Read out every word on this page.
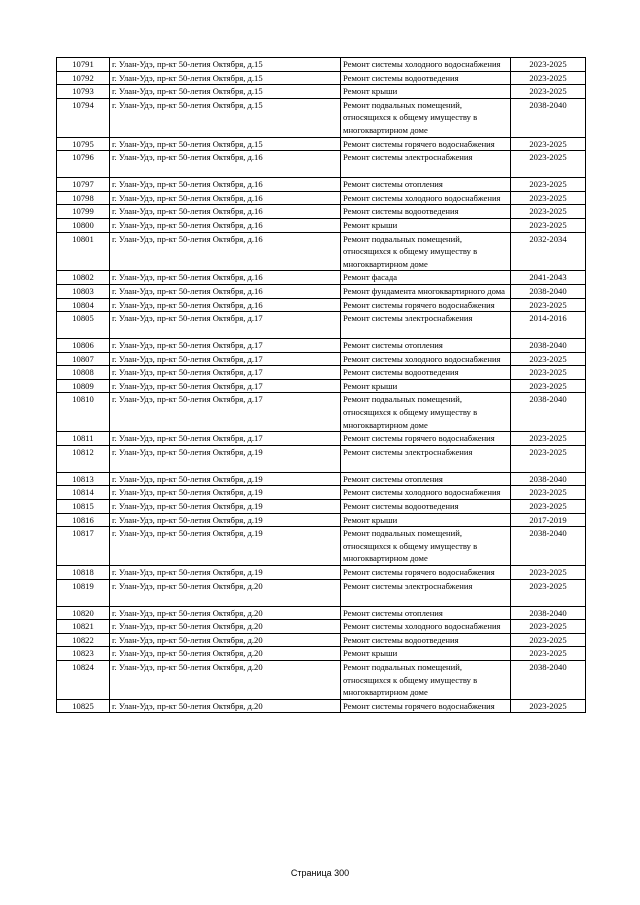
10791	г. Улан-Удэ, пр-кт 50-летия Октября, д.15	Ремонт системы холодного водоснабжения	2023-2025
10792	г. Улан-Удэ, пр-кт 50-летия Октября, д.15	Ремонт системы водоотведения	2023-2025
10793	г. Улан-Удэ, пр-кт 50-летия Октября, д.15	Ремонт крыши	2023-2025
10794	г. Улан-Удэ, пр-кт 50-летия Октября, д.15	Ремонт подвальных помещений, относящихся к общему имуществу в многоквартирном доме	2038-2040
10795	г. Улан-Удэ, пр-кт 50-летия Октября, д.15	Ремонт системы горячего водоснабжения	2023-2025
10796	г. Улан-Удэ, пр-кт 50-летия Октября, д.16	Ремонт системы электроснабжения	2023-2025
10797	г. Улан-Удэ, пр-кт 50-летия Октября, д.16	Ремонт системы отопления	2023-2025
10798	г. Улан-Удэ, пр-кт 50-летия Октября, д.16	Ремонт системы холодного водоснабжения	2023-2025
10799	г. Улан-Удэ, пр-кт 50-летия Октября, д.16	Ремонт системы водоотведения	2023-2025
10800	г. Улан-Удэ, пр-кт 50-летия Октября, д.16	Ремонт крыши	2023-2025
10801	г. Улан-Удэ, пр-кт 50-летия Октября, д.16	Ремонт подвальных помещений, относящихся к общему имуществу в многоквартирном доме	2032-2034
10802	г. Улан-Удэ, пр-кт 50-летия Октября, д.16	Ремонт фасада	2041-2043
10803	г. Улан-Удэ, пр-кт 50-летия Октября, д.16	Ремонт фундамента многоквартирного дома	2038-2040
10804	г. Улан-Удэ, пр-кт 50-летия Октября, д.16	Ремонт системы горячего водоснабжения	2023-2025
10805	г. Улан-Удэ, пр-кт 50-летия Октября, д.17	Ремонт системы электроснабжения	2014-2016
10806	г. Улан-Удэ, пр-кт 50-летия Октября, д.17	Ремонт системы отопления	2038-2040
10807	г. Улан-Удэ, пр-кт 50-летия Октября, д.17	Ремонт системы холодного водоснабжения	2023-2025
10808	г. Улан-Удэ, пр-кт 50-летия Октября, д.17	Ремонт системы водоотведения	2023-2025
10809	г. Улан-Удэ, пр-кт 50-летия Октября, д.17	Ремонт крыши	2023-2025
10810	г. Улан-Удэ, пр-кт 50-летия Октября, д.17	Ремонт подвальных помещений, относящихся к общему имуществу в многоквартирном доме	2038-2040
10811	г. Улан-Удэ, пр-кт 50-летия Октября, д.17	Ремонт системы горячего водоснабжения	2023-2025
10812	г. Улан-Удэ, пр-кт 50-летия Октября, д.19	Ремонт системы электроснабжения	2023-2025
10813	г. Улан-Удэ, пр-кт 50-летия Октября, д.19	Ремонт системы отопления	2038-2040
10814	г. Улан-Удэ, пр-кт 50-летия Октября, д.19	Ремонт системы холодного водоснабжения	2023-2025
10815	г. Улан-Удэ, пр-кт 50-летия Октября, д.19	Ремонт системы водоотведения	2023-2025
10816	г. Улан-Удэ, пр-кт 50-летия Октября, д.19	Ремонт крыши	2017-2019
10817	г. Улан-Удэ, пр-кт 50-летия Октября, д.19	Ремонт подвальных помещений, относящихся к общему имуществу в многоквартирном доме	2038-2040
10818	г. Улан-Удэ, пр-кт 50-летия Октября, д.19	Ремонт системы горячего водоснабжения	2023-2025
10819	г. Улан-Удэ, пр-кт 50-летия Октября, д.20	Ремонт системы электроснабжения	2023-2025
10820	г. Улан-Удэ, пр-кт 50-летия Октября, д.20	Ремонт системы отопления	2038-2040
10821	г. Улан-Удэ, пр-кт 50-летия Октября, д.20	Ремонт системы холодного водоснабжения	2023-2025
10822	г. Улан-Удэ, пр-кт 50-летия Октября, д.20	Ремонт системы водоотведения	2023-2025
10823	г. Улан-Удэ, пр-кт 50-летия Октября, д.20	Ремонт крыши	2023-2025
10824	г. Улан-Удэ, пр-кт 50-летия Октября, д.20	Ремонт подвальных помещений, относящихся к общему имуществу в многоквартирном доме	2038-2040
10825	г. Улан-Удэ, пр-кт 50-летия Октября, д.20	Ремонт системы горячего водоснабжения	2023-2025
Страница 300
